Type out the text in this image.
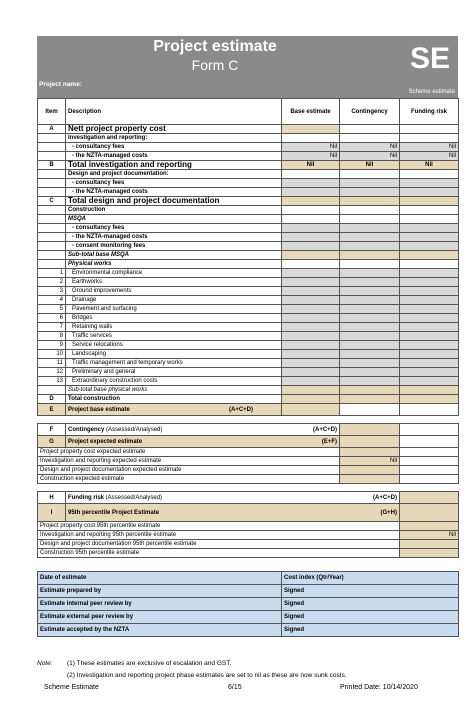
Project estimate
Form C
Project name:
SE
Scheme estimate
Item	Description	Base estimate	Contingency	Funding risk
A	Nett project property cost			
	Investigation and reporting:			
	- consultancy fees	Nil	Nil	Nil
	- the NZTA-managed costs	Nil	Nil	Nil
B	Total investigation and reporting	Nil	Nil	Nil
	Design and project documentation:			
	- consultancy fees			
	- the NZTA-managed costs			
C	Total design and project documentation			
	Construction			
	MSQA			
	- consultancy fees			
	- the NZTA-managed costs			
	- consent monitoring fees			
	Sub-total base MSQA			
	Physical works			
1	Environmental compliance			
2	Earthworks			
3	Ground improvements			
4	Drainage			
5	Pavement and surfacing			
6	Bridges			
7	Retaining walls			
8	Traffic services			
9	Service relocations			
10	Landscaping			
11	Traffic management and temporary works			
12	Preliminary and general			
13	Extraordinary construction costs			
	Sub-total base physical works			
D	Total construction			
E	Project base estimate (A+C+D)			

F	Contingency (Assessed/Analysed) (A+C+D)			

G	Project expected estimate (E+F)			

Project property cost expected estimate				
Investigation and reporting expected estimate			Nil	
Design and project documentation expected estimate				
Construction expected estimate				

H	Funding risk (Assessed/Analysed) (A+C+D)			

I	95th percentile Project Estimate (G+H)			

Project property cost 95th percentile estimate				
Investigation and reporting 95th percentile estimate				Nil
Design and project documentation 95th percentile estimate				
Construction 95th percentile estimate				

Date of estimate		Cost index (Qtr/Year)		
Estimate prepared by		Signed		
Estimate internal peer review by		Signed		
Estimate external peer review by		Signed		
Estimate accepted by the NZTA		Signed		
Note: (1) These estimates are exclusive of escalation and GST.
(2) Investigation and reporting project phase estimates are set to nil as these are now sunk costs.
Scheme Estimate	6/15	Printed Date: 10/14/2020
